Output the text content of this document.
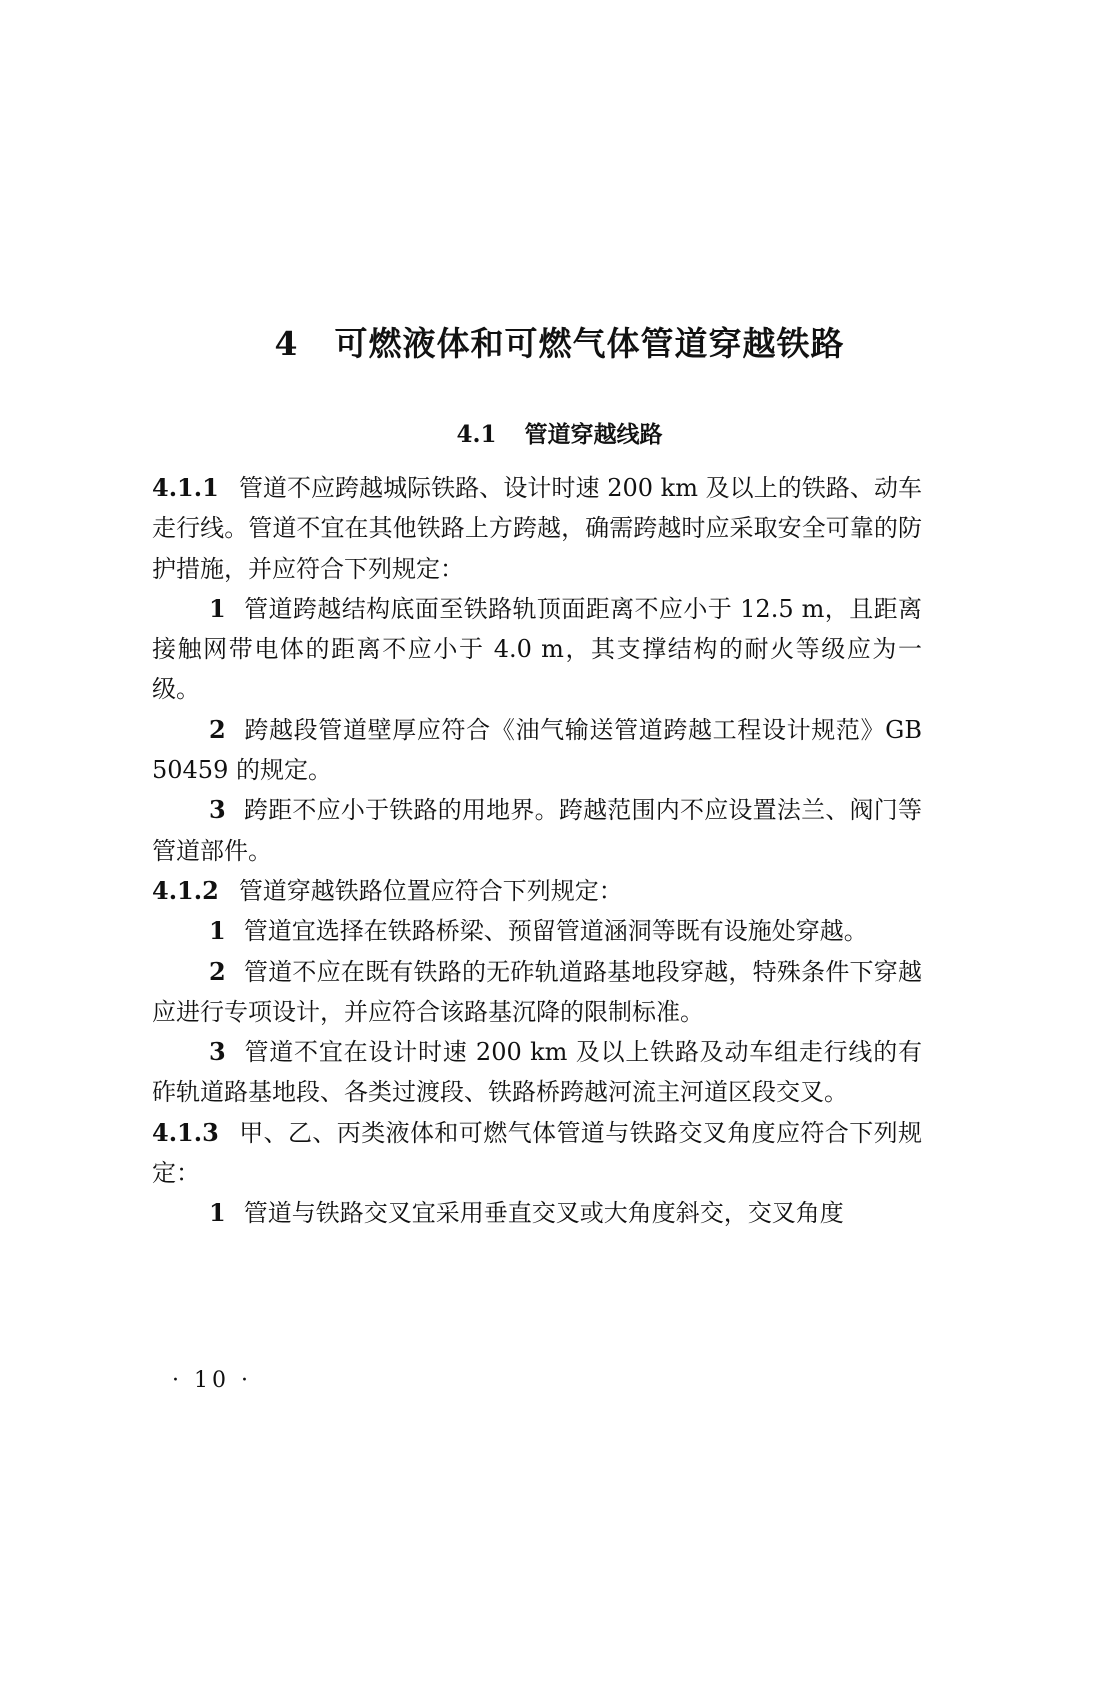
4 可燃液体和可燃气体管道穿越铁路
4.1 管道穿越线路

4.1.1 管道不应跨越城际铁路、设计时速 200 km 及以上的铁路、动车走行线。管道不宜在其他铁路上方跨越，确需跨越时应采取安全可靠的防护措施，并应符合下列规定：

1 管道跨越结构底面至铁路轨顶面距离不应小于 12.5 m，且距离接触网带电体的距离不应小于 4.0 m，其支撑结构的耐火等级应为一级。

2 跨越段管道壁厚应符合《油气输送管道跨越工程设计规范》GB 50459 的规定。

3 跨距不应小于铁路的用地界。跨越范围内不应设置法兰、阀门等管道部件。

4.1.2 管道穿越铁路位置应符合下列规定：

1 管道宜选择在铁路桥梁、预留管道涵洞等既有设施处穿越。

2 管道不应在既有铁路的无砟轨道路基地段穿越，特殊条件下穿越应进行专项设计，并应符合该路基沉降的限制标准。

3 管道不宜在设计时速 200 km 及以上铁路及动车组走行线的有砟轨道路基地段、各类过渡段、铁路桥跨越河流主河道区段交叉。

4.1.3 甲、乙、丙类液体和可燃气体管道与铁路交叉角度应符合下列规定：

1 管道与铁路交叉宜采用垂直交叉或大角度斜交，交叉角度

· 10 ·
